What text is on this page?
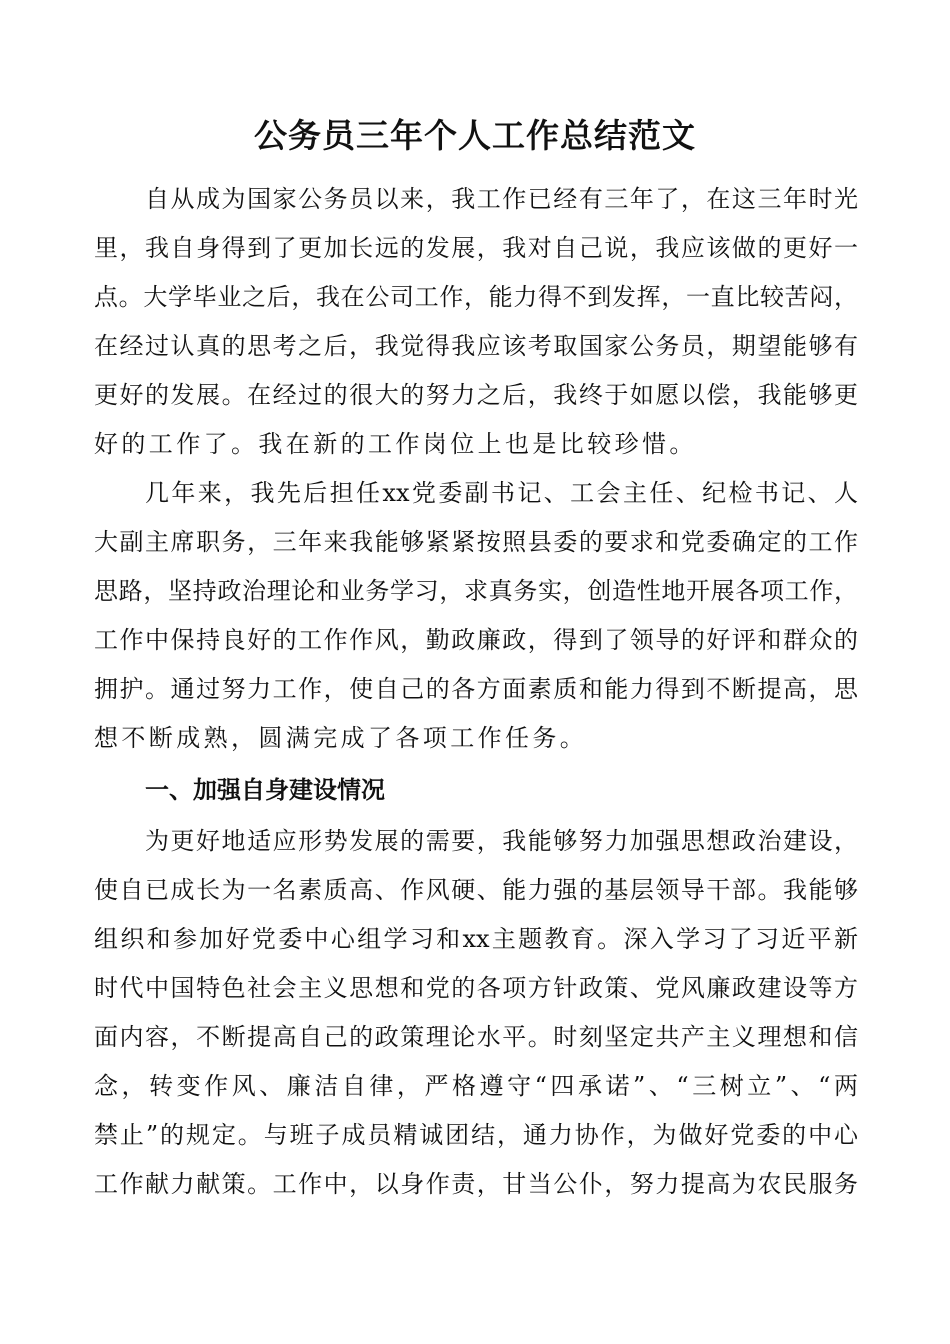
公务员三年个人工作总结范文
自从成为国家公务员以来，我工作已经有三年了，在这三年时光
里，我自身得到了更加长远的发展，我对自己说，我应该做的更好一
点。大学毕业之后，我在公司工作，能力得不到发挥，一直比较苦闷，
在经过认真的思考之后，我觉得我应该考取国家公务员，期望能够有
更好的发展。在经过的很大的努力之后，我终于如愿以偿，我能够更
好的工作了。我在新的工作岗位上也是比较珍惜。
几年来，我先后担任xx党委副书记、工会主任、纪检书记、人
大副主席职务，三年来我能够紧紧按照县委的要求和党委确定的工作
思路，坚持政治理论和业务学习，求真务实，创造性地开展各项工作，
工作中保持良好的工作作风，勤政廉政，得到了领导的好评和群众的
拥护。通过努力工作，使自己的各方面素质和能力得到不断提高，思
想不断成熟，圆满完成了各项工作任务。
一、加强自身建设情况
为更好地适应形势发展的需要，我能够努力加强思想政治建设，
使自已成长为一名素质高、作风硬、能力强的基层领导干部。我能够
组织和参加好党委中心组学习和xx主题教育。深入学习了习近平新
时代中国特色社会主义思想和党的各项方针政策、党风廉政建设等方
面内容，不断提高自己的政策理论水平。时刻坚定共产主义理想和信
念，转变作风、廉洁自律，严格遵守“四承诺”、“三树立”、“两
禁止”的规定。与班子成员精诚团结，通力协作，为做好党委的中心
工作献力献策。工作中，以身作责，甘当公仆，努力提高为农民服务
